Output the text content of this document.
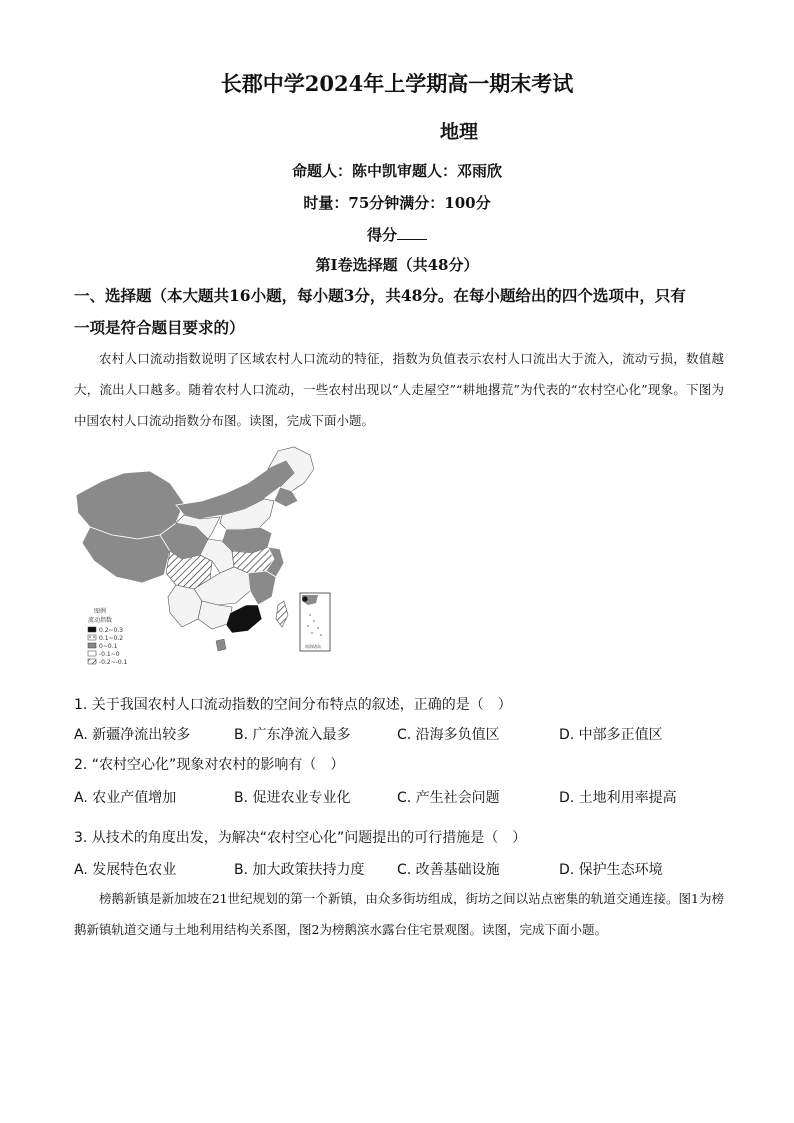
长郡中学2024年上学期高一期末考试
地理
命题人：陈中凯审题人：邓雨欣
时量：75分钟满分：100分
得分
第Ⅰ卷选择题（共48分）
一、选择题（本大题共16小题，每小题3分，共48分。在每小题给出的四个选项中，只有
一项是符合题目要求的）
农村人口流动指数说明了区域农村人口流动的特征，指数为负值表示农村人口流出大于流入，流动亏损，数值越大，流出人口越多。随着农村人口流动，一些农村出现以“人走屋空”“耕地撂荒”为代表的“农村空心化”现象。下图为中国农村人口流动指数分布图。读图，完成下面小题。
南海诸岛
图例
流动指数
0.2~0.3
0.1~0.2
0~0.1
-0.1~0
-0.2~-0.1
1. 关于我国农村人口流动指数的空间分布特点的叙述，正确的是（　）
A. 新疆净流出较多	B. 广东净流入最多	C. 沿海多负值区	D. 中部多正值区
2. “农村空心化”现象对农村的影响有（　）
A. 农业产值增加	B. 促进农业专业化	C. 产生社会问题	D. 土地利用率提高
3. 从技术的角度出发，为解决“农村空心化”问题提出的可行措施是（　）
A. 发展特色农业	B. 加大政策扶持力度 C. 改善基础设施	D. 保护生态环境
榜鹅新镇是新加坡在21世纪规划的第一个新镇，由众多街坊组成，街坊之间以站点密集的轨道交通连接。图1为榜鹅新镇轨道交通与土地利用结构关系图，图2为榜鹅滨水露台住宅景观图。读图，完成下面小题。
